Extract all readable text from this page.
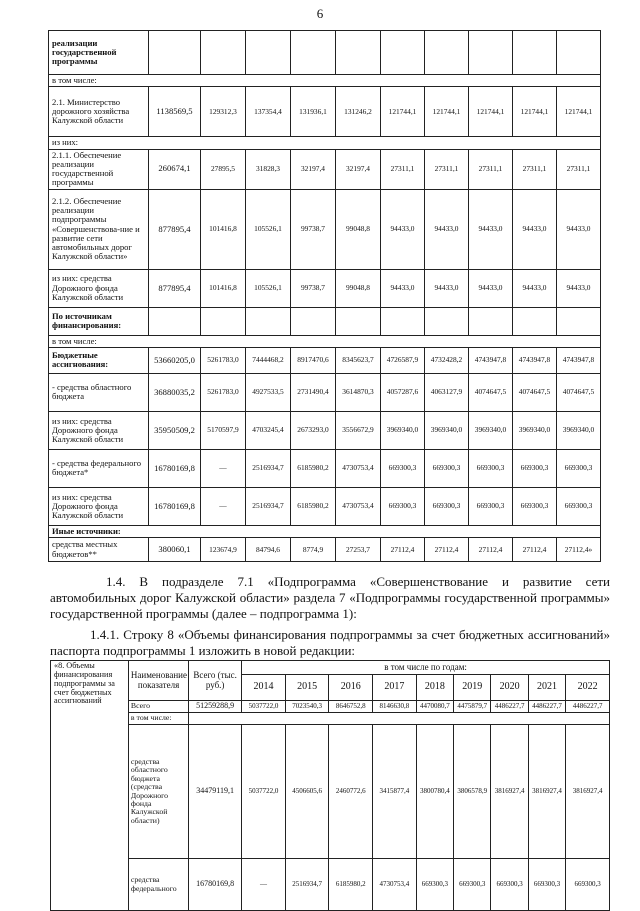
6
реализации государственной программы										
в том числе:										
2.1. Министерство дорожного хозяйства Калужской области	1138569,5	129312,3	137354,4	131936,1	131246,2	121744,1	121744,1	121744,1	121744,1	121744,1
из них:										
2.1.1. Обеспечение реализации государственной программы	260674,1	27895,5	31828,3	32197,4	32197,4	27311,1	27311,1	27311,1	27311,1	27311,1
2.1.2. Обеспечение реализации подпрограммы «Совершенствова-ние и развитие сети автомобильных дорог Калужской области»	877895,4	101416,8	105526,1	99738,7	99048,8	94433,0	94433,0	94433,0	94433,0	94433,0
из них: средства Дорожного фонда Калужской области	877895,4	101416,8	105526,1	99738,7	99048,8	94433,0	94433,0	94433,0	94433,0	94433,0
По источникам финансирования:										
в том числе:										
Бюджетные ассигнования:	53660205,0	5261783,0	7444468,2	8917470,6	8345623,7	4726587,9	4732428,2	4743947,8	4743947,8	4743947,8
- средства областного бюджета	36880035,2	5261783,0	4927533,5	2731490,4	3614870,3	4057287,6	4063127,9	4074647,5	4074647,5	4074647,5
из них: средства Дорожного фонда Калужской области	35950509,2	5170597,9	4703245,4	2673293,0	3556672,9	3969340,0	3969340,0	3969340,0	3969340,0	3969340,0
- средства федерального бюджета*	16780169,8	—	2516934,7	6185980,2	4730753,4	669300,3	669300,3	669300,3	669300,3	669300,3
из них: средства Дорожного фонда Калужской области	16780169,8	—	2516934,7	6185980,2	4730753,4	669300,3	669300,3	669300,3	669300,3	669300,3
Иные источники:										
средства местных бюджетов**	380060,1	123674,9	84794,6	8774,9	27253,7	27112,4	27112,4	27112,4	27112,4	27112,4»
1.4. В подразделе 7.1 «Подпрограмма «Совершенствование и развитие сети автомобильных дорог Калужской области» раздела 7 «Подпрограммы государственной программы» государственной программы (далее – подпрограмма 1):
1.4.1. Строку 8 «Объемы финансирования подпрограммы за счет бюджетных ассигнований» паспорта подпрограммы 1 изложить в новой редакции:
«8. Объемы финансирования подпрограммы за счет бюджетных ассигнований	Наименование показателя	Всего (тыс. руб.)	в том числе по годам:								
			2014	2015	2016	2017	2018	2019	2020	2021	2022
	Всего	51259288,9	5037722,0	7023540,3	8646752,8	8146630,8	4470080,7	4475879,7	4486227,7	4486227,7	4486227,7
	в том числе:										
	средства областного бюджета (средства Дорожного фонда Калужской области)	34479119,1	5037722,0	4506605,6	2460772,6	3415877,4	3800780,4	3806578,9	3816927,4	3816927,4	3816927,4
	средства федерального	16780169,8	—	2516934,7	6185980,2	4730753,4	669300,3	669300,3	669300,3	669300,3	669300,3
